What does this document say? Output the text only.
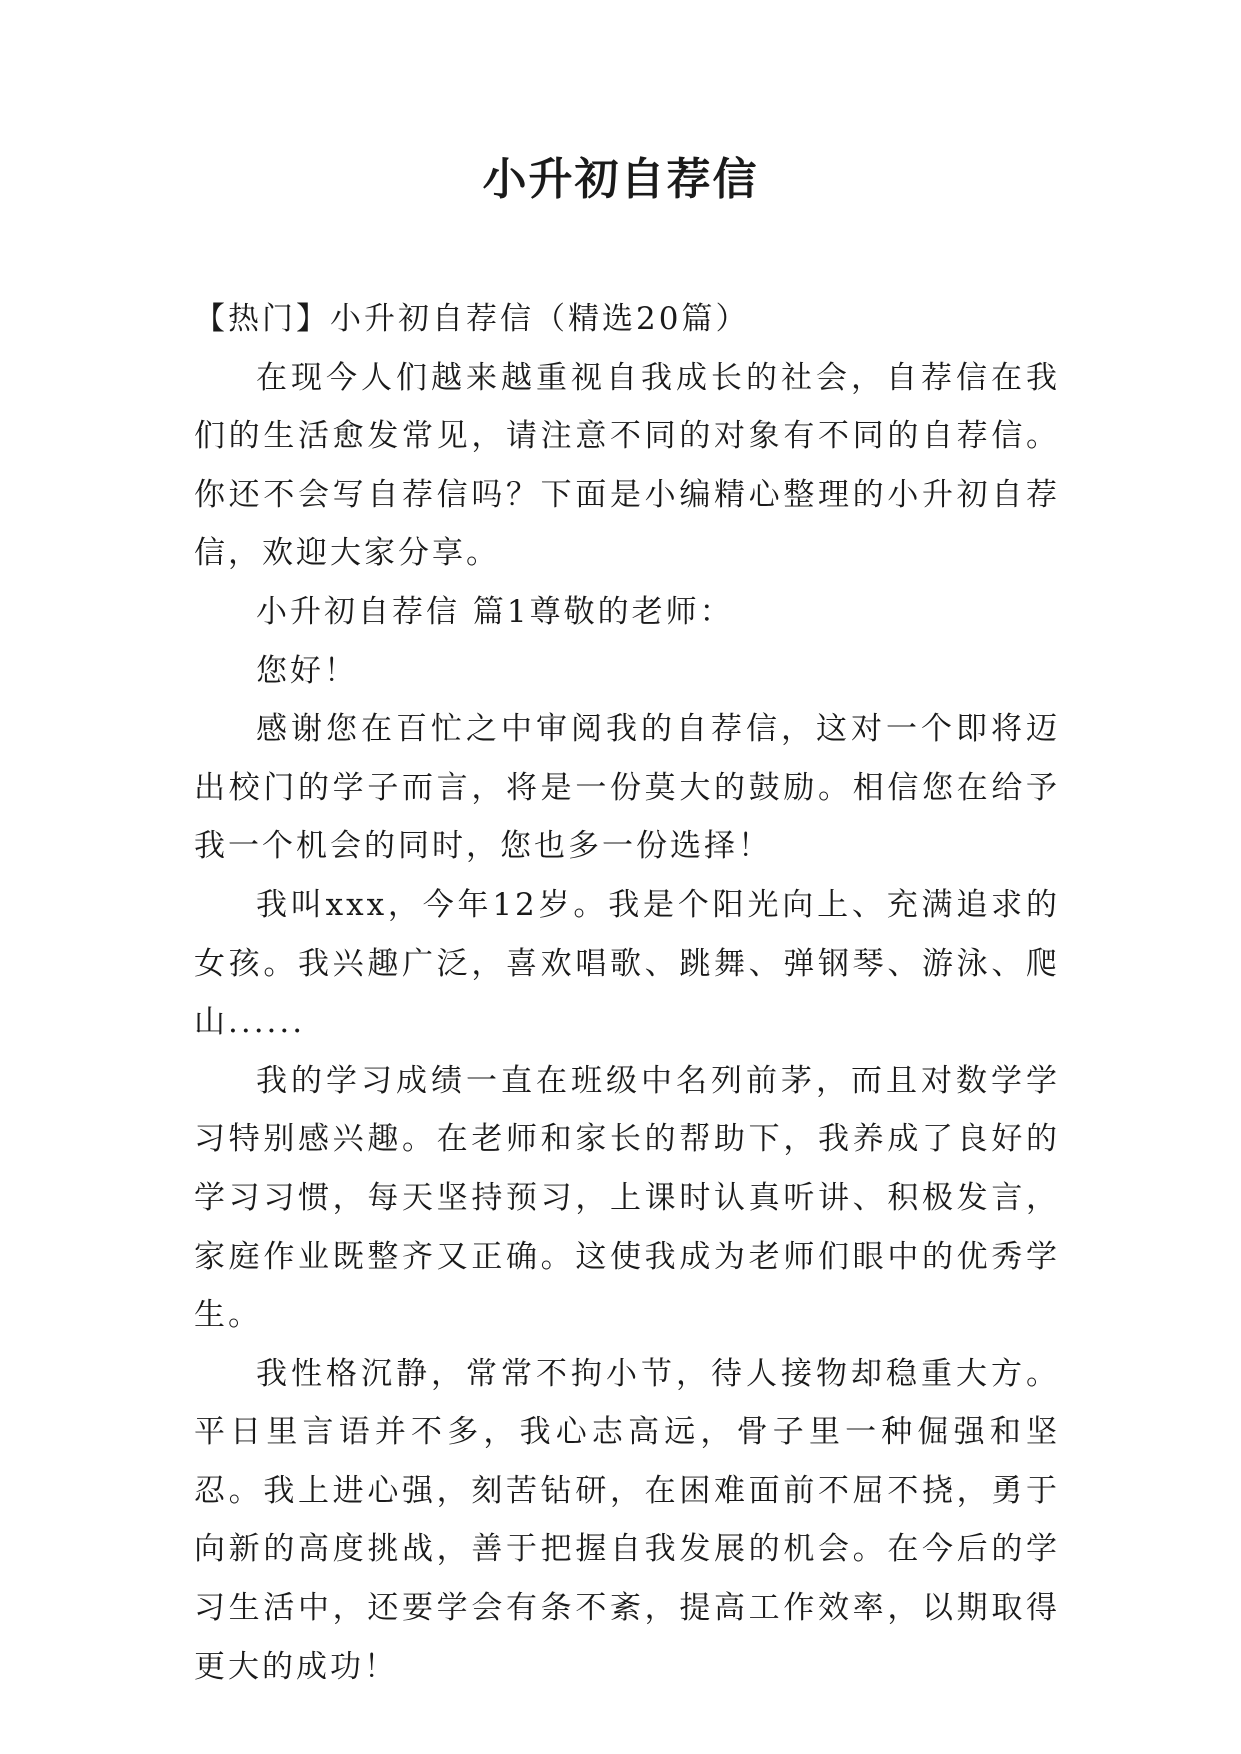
小升初自荐信

【热门】小升初自荐信（精选20篇）

在现今人们越来越重视自我成长的社会，自荐信在我们的生活愈发常见，请注意不同的对象有不同的自荐信。你还不会写自荐信吗？下面是小编精心整理的小升初自荐信，欢迎大家分享。

小升初自荐信 篇1尊敬的老师：

您好！

感谢您在百忙之中审阅我的自荐信，这对一个即将迈出校门的学子而言，将是一份莫大的鼓励。相信您在给予我一个机会的同时，您也多一份选择！

我叫xxx，今年12岁。我是个阳光向上、充满追求的女孩。我兴趣广泛，喜欢唱歌、跳舞、弹钢琴、游泳、爬山......

我的学习成绩一直在班级中名列前茅，而且对数学学习特别感兴趣。在老师和家长的帮助下，我养成了良好的学习习惯，每天坚持预习，上课时认真听讲、积极发言，家庭作业既整齐又正确。这使我成为老师们眼中的优秀学生。

我性格沉静，常常不拘小节，待人接物却稳重大方。平日里言语并不多，我心志高远，骨子里一种倔强和坚忍。我上进心强，刻苦钻研，在困难面前不屈不挠，勇于向新的高度挑战，善于把握自我发展的机会。在今后的学习生活中，还要学会有条不紊，提高工作效率，以期取得更大的成功！
